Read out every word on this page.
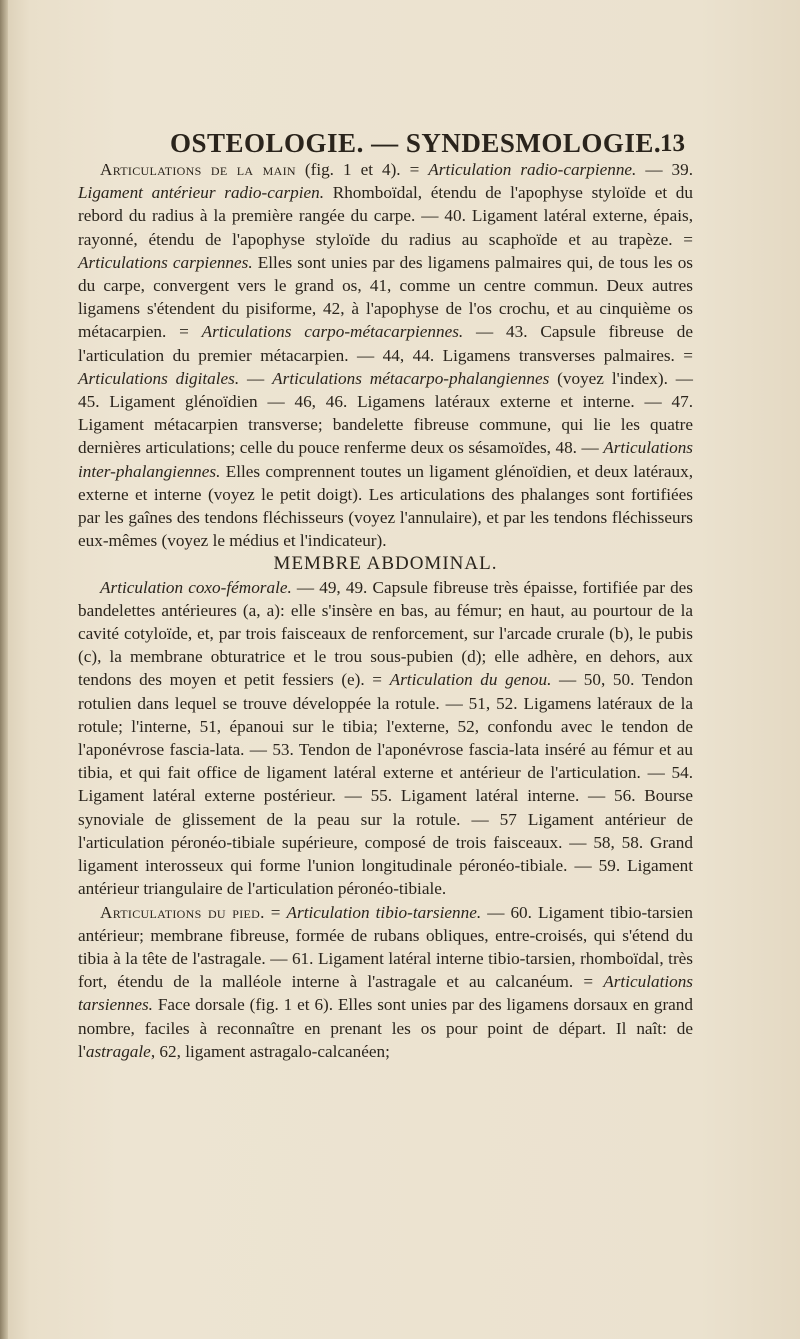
OSTEOLOGIE. — SYNDESMOLOGIE.
13

Articulations de la main (fig. 1 et 4). = Articulation radio-carpienne. — 39. Ligament antérieur radio-carpien. Rhomboïdal, étendu de l'apophyse styloïde et du rebord du radius à la première rangée du carpe. — 40. Ligament latéral externe, épais, rayonné, étendu de l'apophyse styloïde du radius au scaphoïde et au trapèze. = Articulations carpiennes. Elles sont unies par des ligamens palmaires qui, de tous les os du carpe, convergent vers le grand os, 41, comme un centre commun. Deux autres ligamens s'étendent du pisiforme, 42, à l'apophyse de l'os crochu, et au cinquième os métacarpien. = Articulations carpo-métacarpiennes. — 43. Capsule fibreuse de l'articulation du premier métacarpien. — 44, 44. Ligamens transverses palmaires. = Articulations digitales. — Articulations métacarpo-phalangiennes (voyez l'index). — 45. Ligament glénoïdien — 46, 46. Ligamens latéraux externe et interne. — 47. Ligament métacarpien transverse; bandelette fibreuse commune, qui lie les quatre dernières articulations; celle du pouce renferme deux os sésamoïdes, 48. — Articulations inter-phalangiennes. Elles comprennent toutes un ligament glénoïdien, et deux latéraux, externe et interne (voyez le petit doigt). Les articulations des phalanges sont fortifiées par les gaînes des tendons fléchisseurs (voyez l'annulaire), et par les tendons fléchisseurs eux-mêmes (voyez le médius et l'indicateur).

MEMBRE ABDOMINAL.

Articulation coxo-fémorale. — 49, 49. Capsule fibreuse très épaisse, fortifiée par des bandelettes antérieures (a, a): elle s'insère en bas, au fémur; en haut, au pourtour de la cavité cotyloïde, et, par trois faisceaux de renforcement, sur l'arcade crurale (b), le pubis (c), la membrane obturatrice et le trou sous-pubien (d); elle adhère, en dehors, aux tendons des moyen et petit fessiers (e). = Articulation du genou. — 50, 50. Tendon rotulien dans lequel se trouve développée la rotule. — 51, 52. Ligamens latéraux de la rotule; l'interne, 51, épanoui sur le tibia; l'externe, 52, confondu avec le tendon de l'aponévrose fascia-lata. — 53. Tendon de l'aponévrose fascia-lata inséré au fémur et au tibia, et qui fait office de ligament latéral externe et antérieur de l'articulation. — 54. Ligament latéral externe postérieur. — 55. Ligament latéral interne. — 56. Bourse synoviale de glissement de la peau sur la rotule. — 57 Ligament antérieur de l'articulation péronéo-tibiale supérieure, composé de trois faisceaux. — 58, 58. Grand ligament interosseux qui forme l'union longitudinale péronéo-tibiale. — 59. Ligament antérieur triangulaire de l'articulation péronéo-tibiale.

Articulations du pied. = Articulation tibio-tarsienne. — 60. Ligament tibio-tarsien antérieur; membrane fibreuse, formée de rubans obliques, entre-croisés, qui s'étend du tibia à la tête de l'astragale. — 61. Ligament latéral interne tibio-tarsien, rhomboïdal, très fort, étendu de la malléole interne à l'astragale et au calcanéum. = Articulations tarsiennes. Face dorsale (fig. 1 et 6). Elles sont unies par des ligamens dorsaux en grand nombre, faciles à reconnaître en prenant les os pour point de départ. Il naît: de l'astragale, 62, ligament astragalo-calcanéen;
